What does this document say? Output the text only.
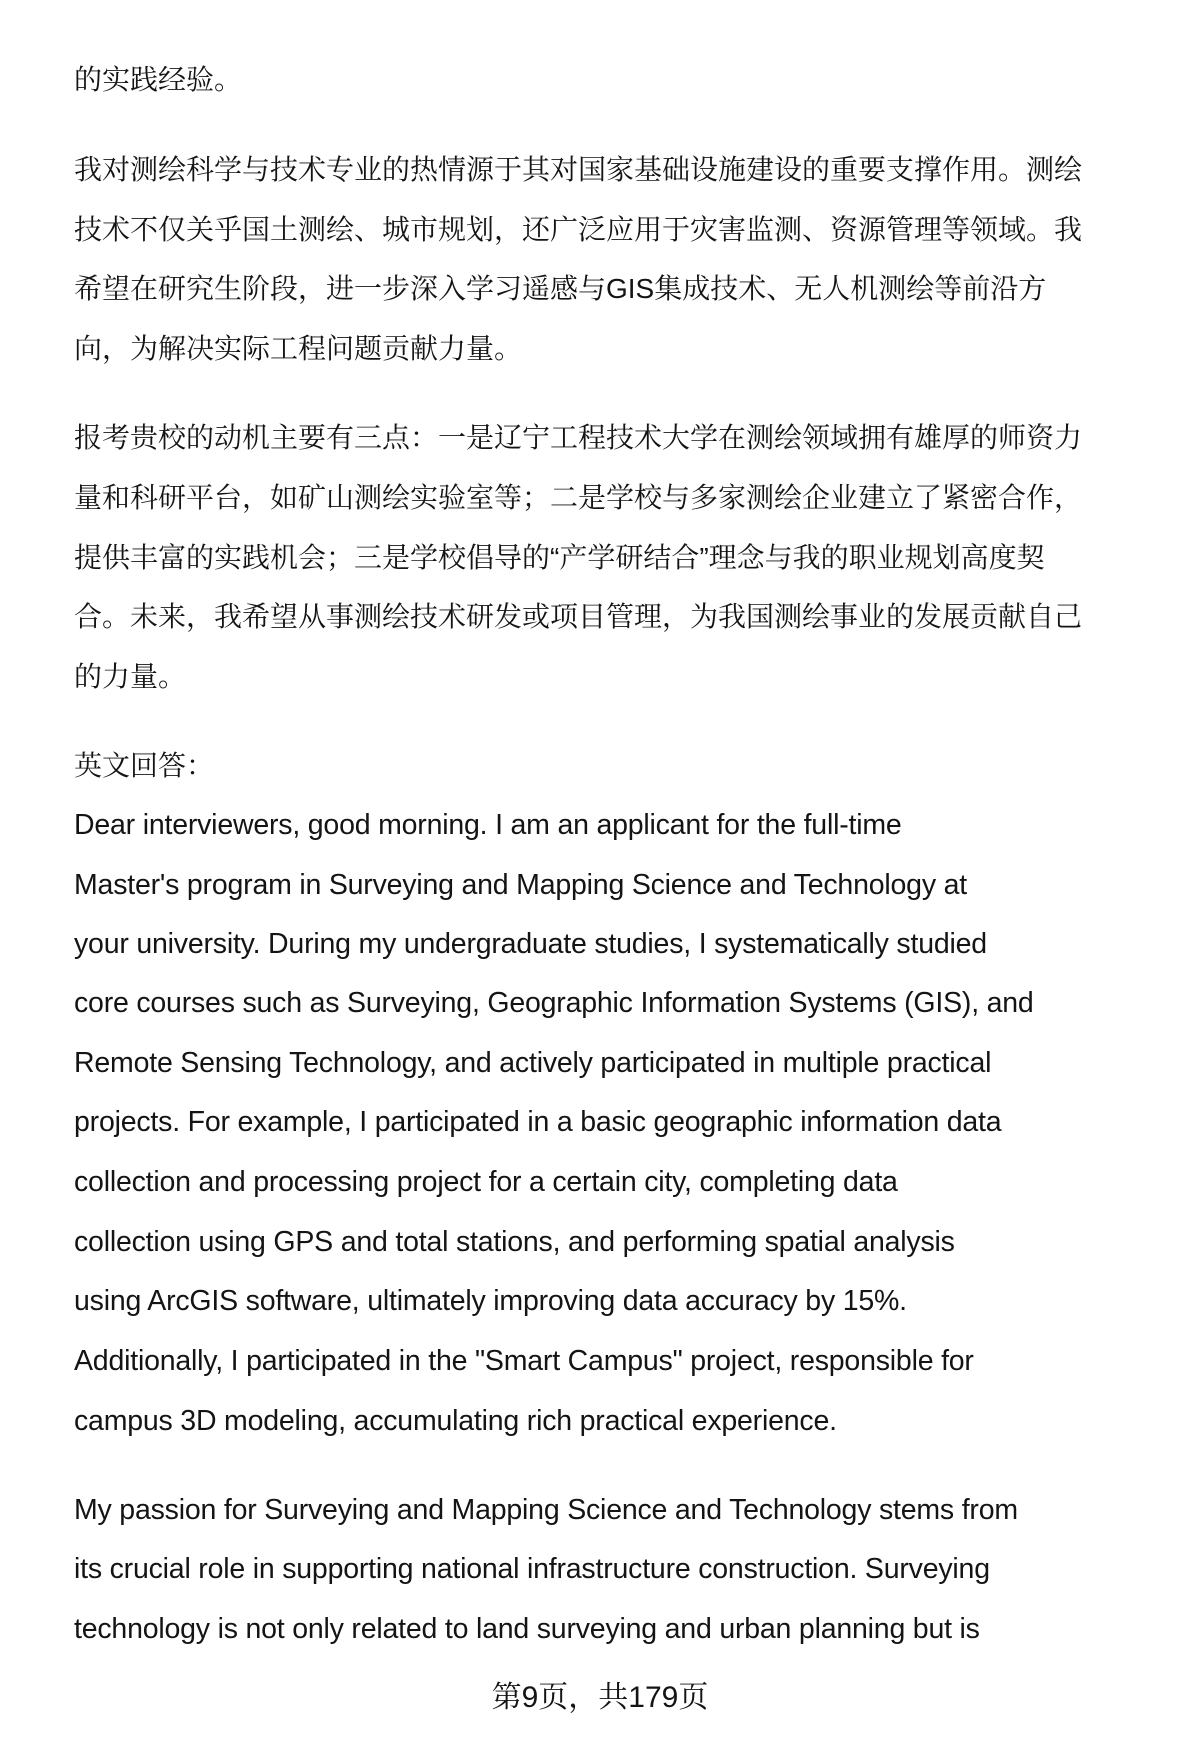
的实践经验。
我对测绘科学与技术专业的热情源于其对国家基础设施建设的重要支撑作用。测绘
技术不仅关乎国土测绘、城市规划，还广泛应用于灾害监测、资源管理等领域。我
希望在研究生阶段，进一步深入学习遥感与GIS集成技术、无人机测绘等前沿方
向，为解决实际工程问题贡献力量。
报考贵校的动机主要有三点：一是辽宁工程技术大学在测绘领域拥有雄厚的师资力
量和科研平台，如矿山测绘实验室等；二是学校与多家测绘企业建立了紧密合作，
提供丰富的实践机会；三是学校倡导的“产学研结合”理念与我的职业规划高度契
合。未来，我希望从事测绘技术研发或项目管理，为我国测绘事业的发展贡献自己
的力量。
英文回答：
Dear interviewers, good morning. I am an applicant for the full-time
Master's program in Surveying and Mapping Science and Technology at
your university. During my undergraduate studies, I systematically studied
core courses such as Surveying, Geographic Information Systems (GIS), and
Remote Sensing Technology, and actively participated in multiple practical
projects. For example, I participated in a basic geographic information data
collection and processing project for a certain city, completing data
collection using GPS and total stations, and performing spatial analysis
using ArcGIS software, ultimately improving data accuracy by 15%.
Additionally, I participated in the "Smart Campus" project, responsible for
campus 3D modeling, accumulating rich practical experience.
My passion for Surveying and Mapping Science and Technology stems from
its crucial role in supporting national infrastructure construction. Surveying
technology is not only related to land surveying and urban planning but is
第9页，共179页
